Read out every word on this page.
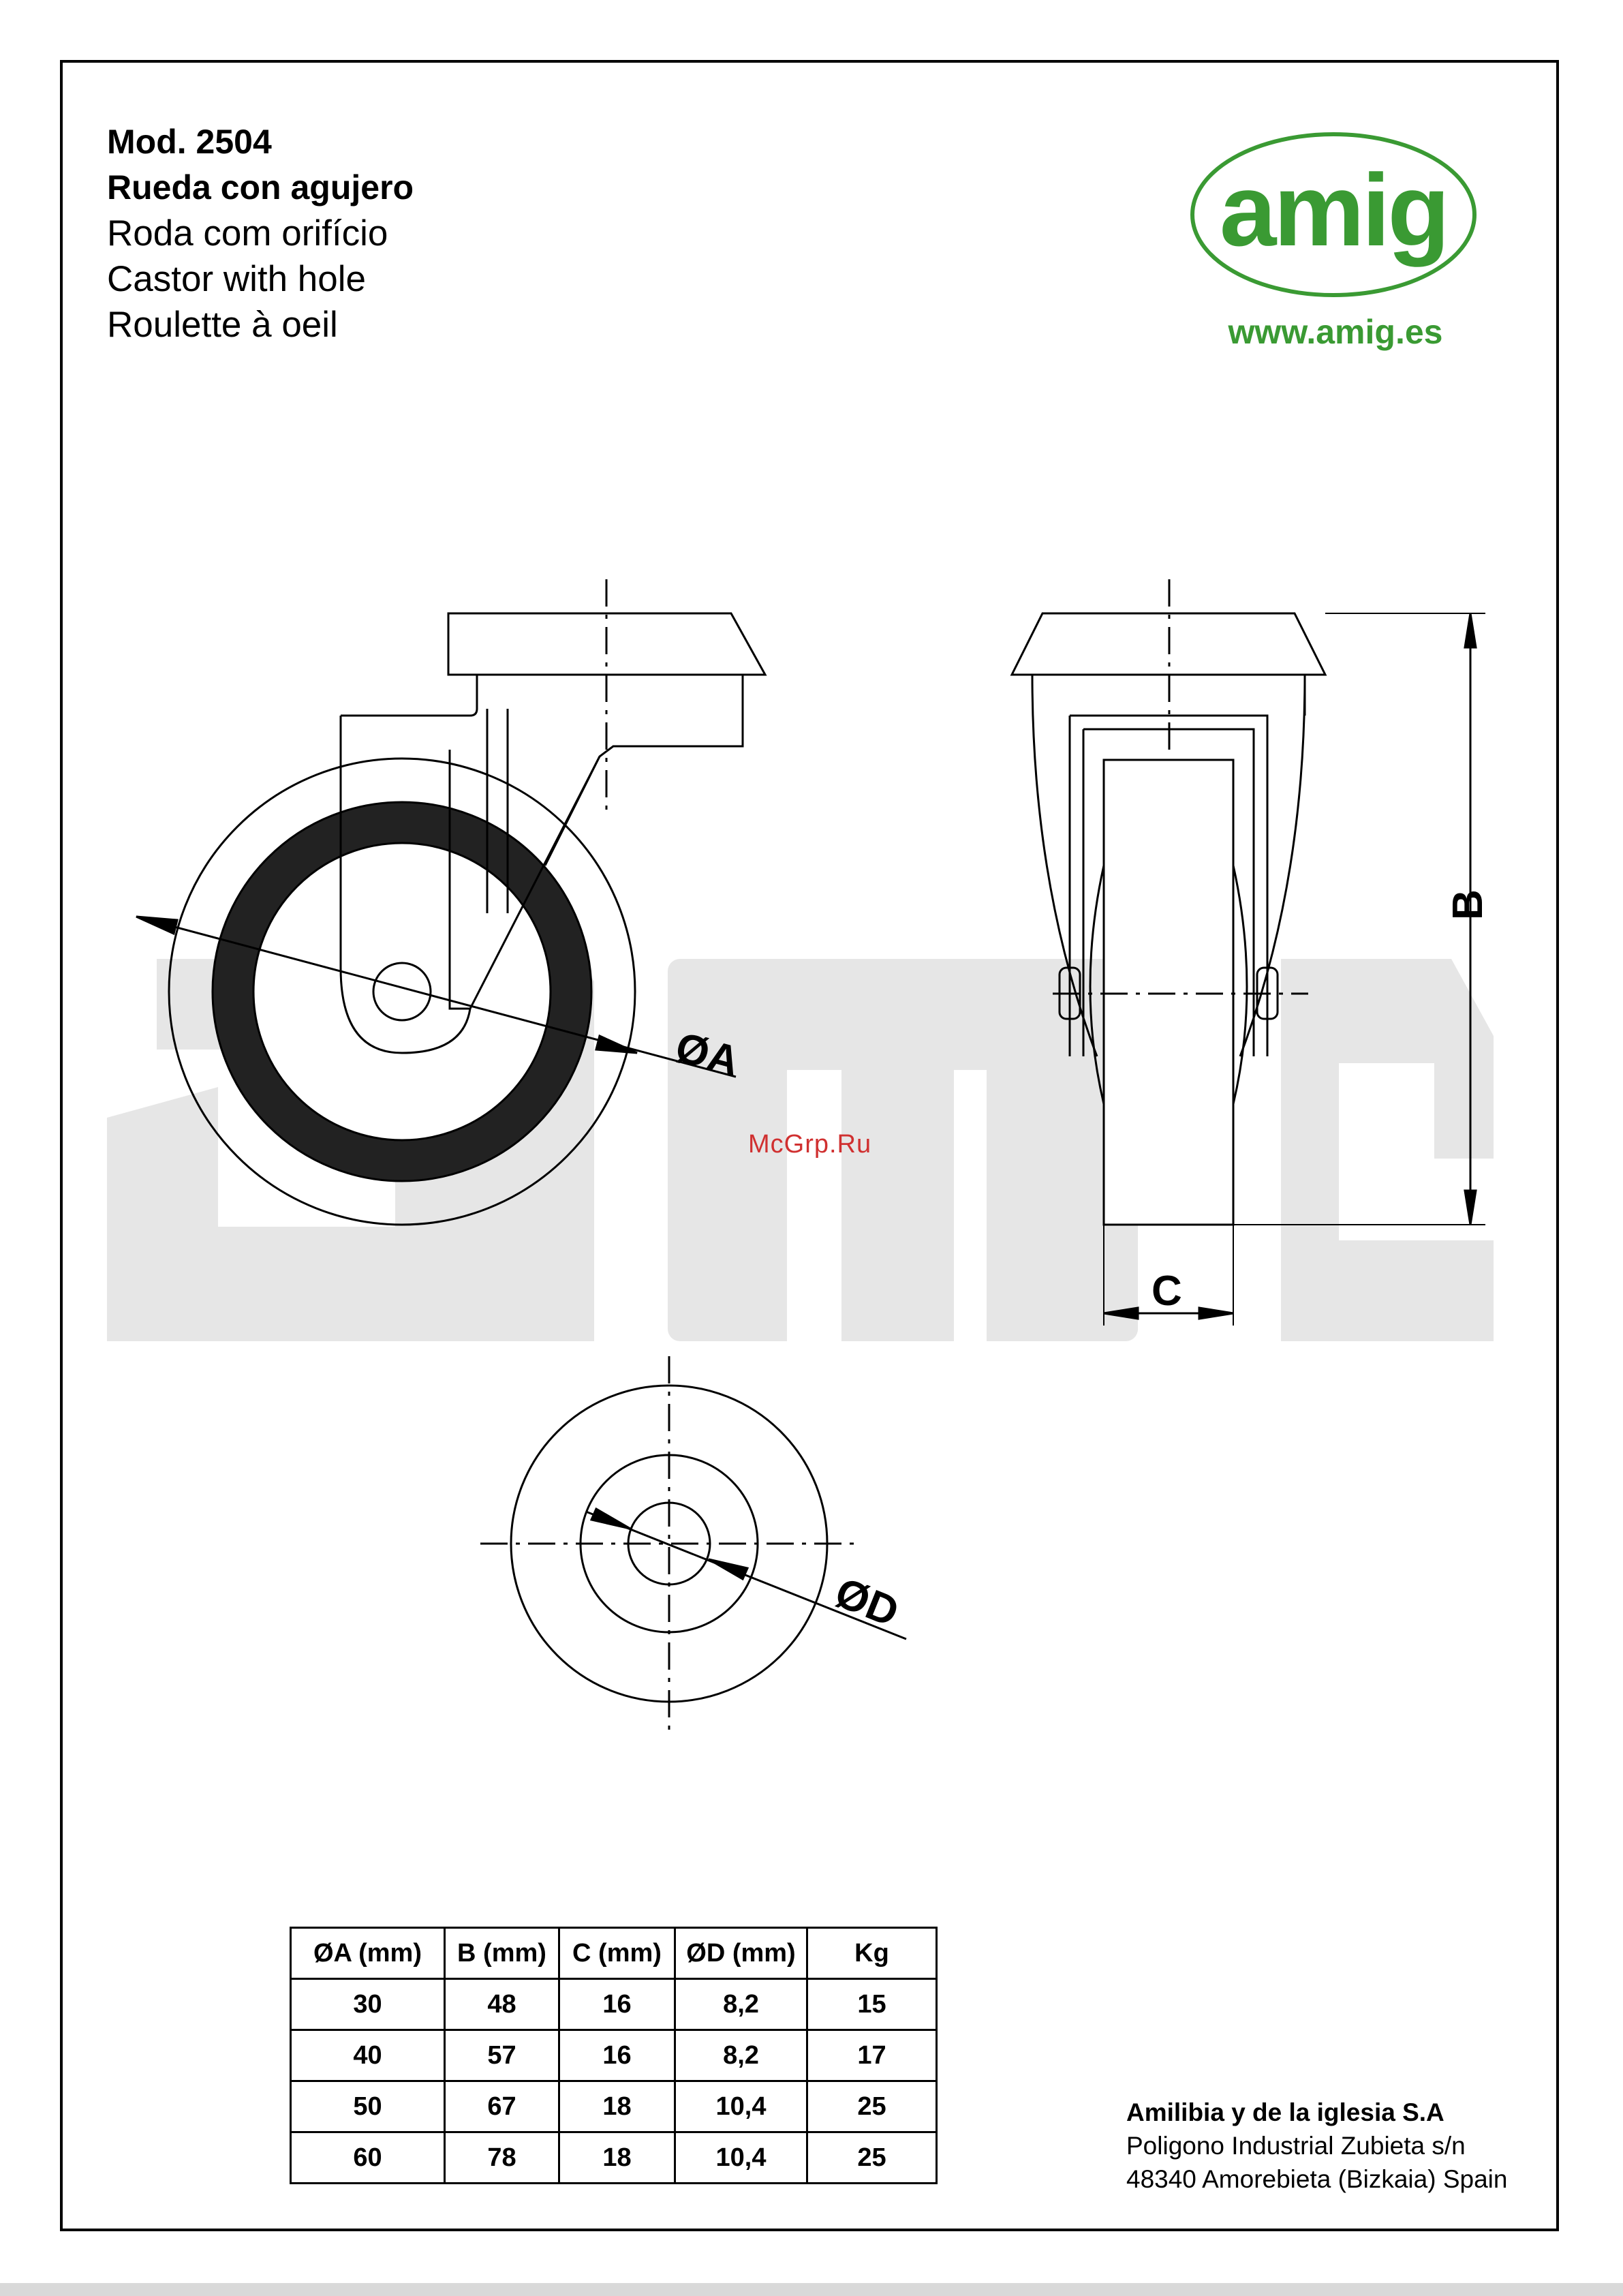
Mod. 2504
Rueda con agujero
Roda com orifício
Castor with hole
Roulette à oeil
amig
www.amig.es
ØA
B
C
ØD
McGrp.Ru
ØA (mm)	B (mm)	C (mm)	ØD (mm)	Kg
30	48	16	8,2	15
40	57	16	8,2	17
50	67	18	10,4	25
60	78	18	10,4	25
Amilibia y de la iglesia S.A
Poligono Industrial Zubieta s/n
48340 Amorebieta (Bizkaia) Spain
